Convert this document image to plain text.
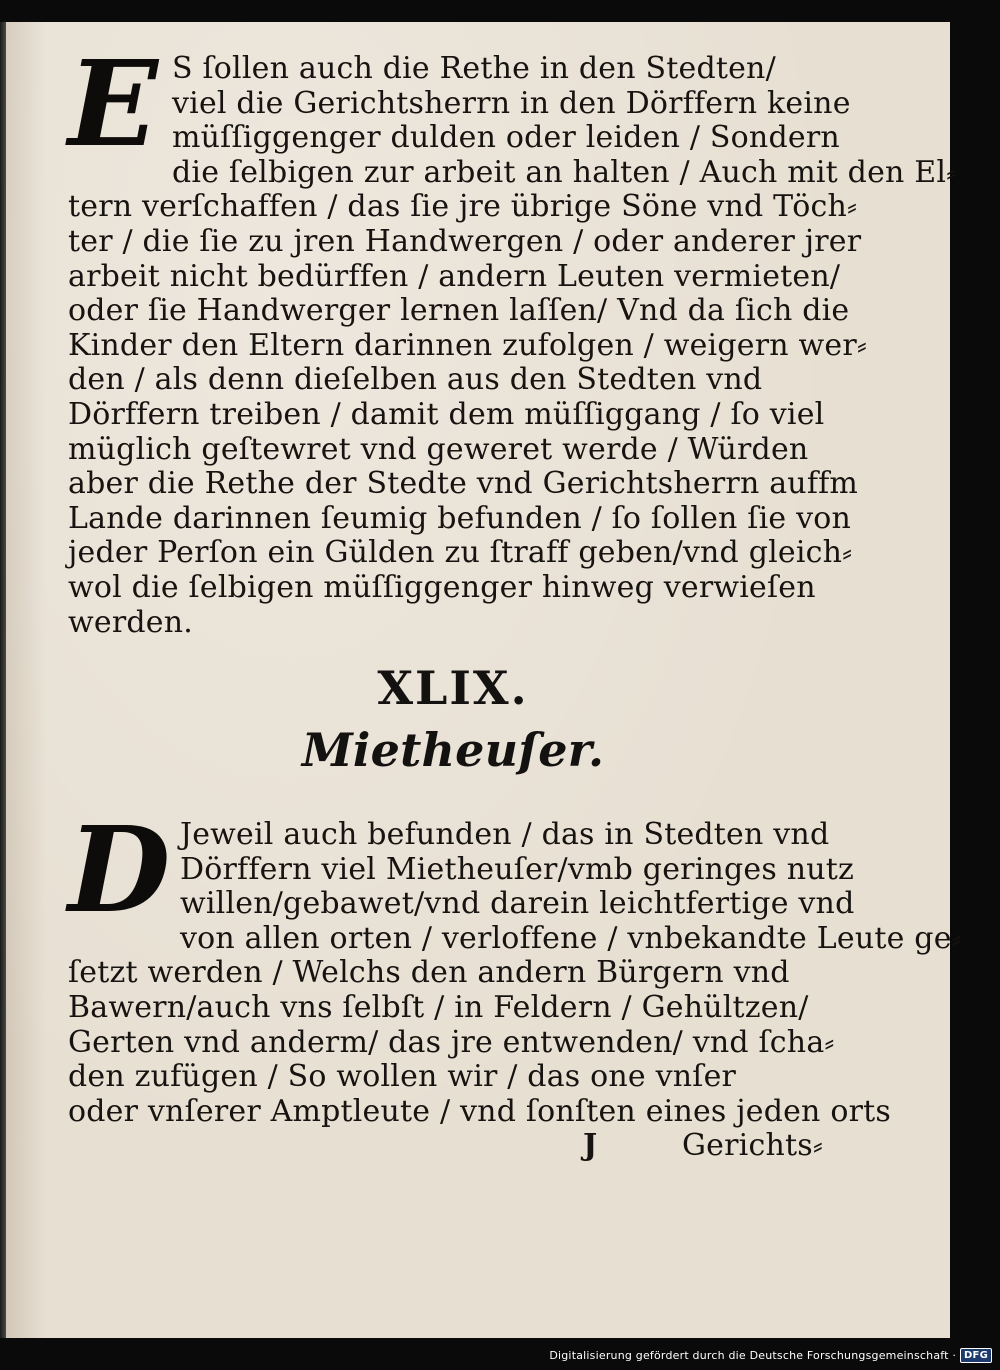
E S ſollen auch die Rethe in den Stedten/
viel die Gerichtsherrn in den Dörffern keine
müſſiggenger dulden oder leiden / Sondern
die ſelbigen zur arbeit an halten / Auch mit den El⸗
tern verſchaffen / das ſie jre übrige Söne vnd Töch⸗
ter / die ſie zu jren Handwergen / oder anderer jrer
arbeit nicht bedürffen / andern Leuten vermieten/
oder ſie Handwerger lernen laſſen/ Vnd da ſich die
Kinder den Eltern darinnen zufolgen / weigern wer⸗
den / als denn dieſelben aus den Stedten vnd
Dörffern treiben / damit dem müſſiggang / ſo viel
müglich geſtewret vnd geweret werde / Würden
aber die Rethe der Stedte vnd Gerichtsherrn auffm
Lande darinnen ſeumig befunden / ſo ſollen ſie von
jeder Perſon ein Gülden zu ſtraff geben/vnd gleich⸗
wol die ſelbigen müſſiggenger hinweg verwieſen
werden.
XLIX.
Mietheuſer.
D Jeweil auch befunden / das in Stedten vnd
Dörffern viel Mietheuſer/vmb geringes nutz
willen/gebawet/vnd darein leichtfertige vnd
von allen orten / verloffene / vnbekandte Leute ge⸗
ſetzt werden / Welchs den andern Bürgern vnd
Bawern/auch vns ſelbſt / in Feldern / Gehültzen/
Gerten vnd anderm/ das jre entwenden/ vnd ſcha⸗
den zufügen / So wollen wir / das one vnſer
oder vnſerer Amptleute / vnd ſonſten eines jeden orts
J	Gerichts⸗
Digitalisierung gefördert durch die Deutsche Forschungsgemeinschaft · DFG
